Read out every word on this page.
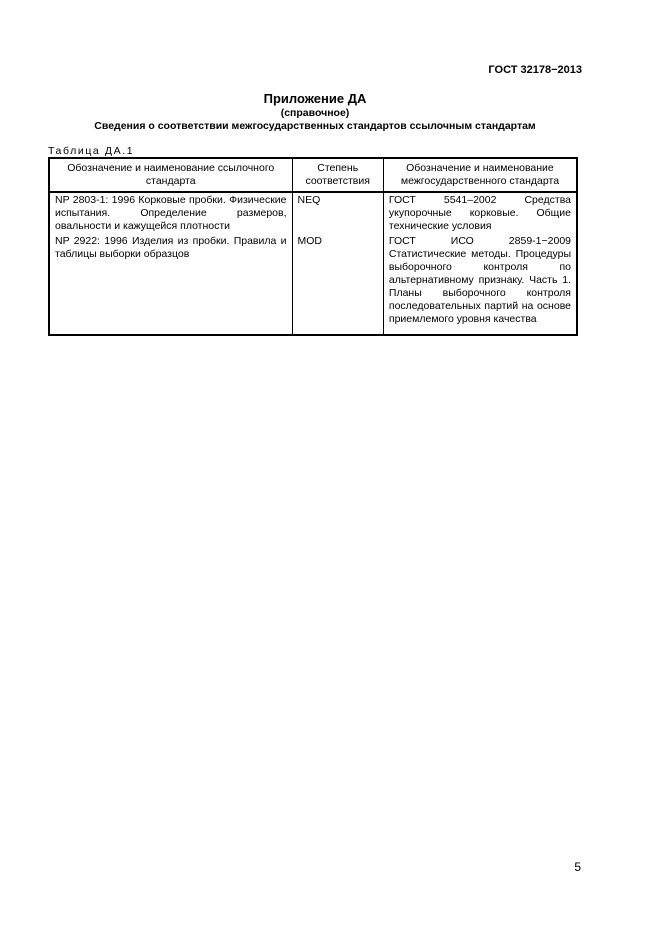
ГОСТ 32178−2013
Приложение ДА
(справочное)
Сведения о соответствии межгосударственных стандартов ссылочным стандартам
Таблица ДА.1
Обозначение и наименование ссылочного стандарта	Степень соответствия	Обозначение и наименование межгосударственного стандарта
NP 2803-1: 1996 Корковые пробки. Физические испытания. Определение размеров, овальности и кажущейся плотности	NEQ	ГОСТ 5541–2002 Средства укупорочные корковые. Общие технические условия
NP 2922: 1996 Изделия из пробки. Правила и таблицы выборки образцов	MOD	ГОСТ ИСО 2859-1−2009 Статистические методы. Процедуры выборочного контроля по альтернативному признаку. Часть 1. Планы выборочного контроля последовательных партий на основе приемлемого уровня качества
5
